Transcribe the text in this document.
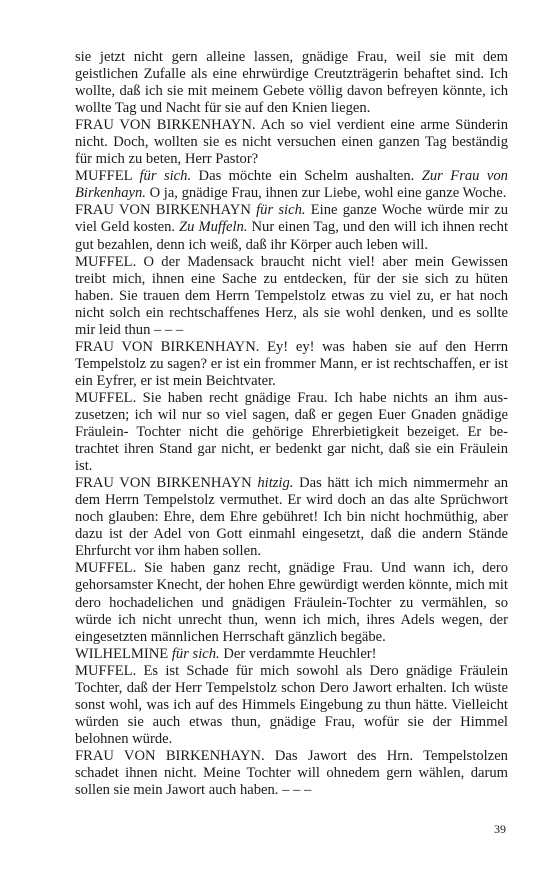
sie jetzt nicht gern alleine lassen, gnädige Frau, weil sie mit dem geistlichen Zufalle als eine ehrwürdige Creutzträgerin behaftet sind. Ich wollte, daß ich sie mit meinem Gebete völlig davon befreyen könnte, ich wollte Tag und Nacht für sie auf den Knien liegen.

FRAU VON BIRKENHAYN. Ach so viel verdient eine arme Sünderin nicht. Doch, wollten sie es nicht versuchen einen ganzen Tag beständig für mich zu beten, Herr Pastor?

MUFFEL für sich. Das möchte ein Schelm aushalten. Zur Frau von Birkenhayn. O ja, gnädige Frau, ihnen zur Liebe, wohl eine ganze Woche.

FRAU VON BIRKENHAYN für sich. Eine ganze Woche würde mir zu viel Geld kosten. Zu Muffeln. Nur einen Tag, und den will ich ihnen recht gut bezahlen, denn ich weiß, daß ihr Körper auch leben will.

MUFFEL. O der Madensack braucht nicht viel! aber mein Gewissen treibt mich, ihnen eine Sache zu entdecken, für der sie sich zu hüten haben. Sie trauen dem Herrn Tempelstolz etwas zu viel zu, er hat noch nicht solch ein rechtschaffenes Herz, als sie wohl denken, und es sollte mir leid thun – – –

FRAU VON BIRKENHAYN. Ey! ey! was haben sie auf den Herrn Tempelstolz zu sagen? er ist ein frommer Mann, er ist rechtschaffen, er ist ein Eyfrer, er ist mein Beichtvater.

MUFFEL. Sie haben recht gnädige Frau. Ich habe nichts an ihm aus-zusetzen; ich wil nur so viel sagen, daß er gegen Euer Gnaden gnädige Fräulein- Tochter nicht die gehörige Ehrerbietigkeit bezeiget. Er be-trachtet ihren Stand gar nicht, er bedenkt gar nicht, daß sie ein Fräulein ist.

FRAU VON BIRKENHAYN hitzig. Das hätt ich mich nimmermehr an dem Herrn Tempelstolz vermuthet. Er wird doch an das alte Sprüchwort noch glauben: Ehre, dem Ehre gebühret! Ich bin nicht hochmüthig, aber dazu ist der Adel von Gott einmahl eingesetzt, daß die andern Stände Ehrfurcht vor ihm haben sollen.

MUFFEL. Sie haben ganz recht, gnädige Frau. Und wann ich, dero gehorsamster Knecht, der hohen Ehre gewürdigt werden könnte, mich mit dero hochadelichen und gnädigen Fräulein-Tochter zu vermählen, so würde ich nicht unrecht thun, wenn ich mich, ihres Adels wegen, der eingesetzten männlichen Herrschaft gänzlich begäbe.

WILHELMINE für sich. Der verdammte Heuchler!

MUFFEL. Es ist Schade für mich sowohl als Dero gnädige Fräulein Tochter, daß der Herr Tempelstolz schon Dero Jawort erhalten. Ich wüste sonst wohl, was ich auf des Himmels Eingebung zu thun hätte. Vielleicht würden sie auch etwas thun, gnädige Frau, wofür sie der Himmel belohnen würde.

FRAU VON BIRKENHAYN. Das Jawort des Hrn. Tempelstolzen schadet ihnen nicht. Meine Tochter will ohnedem gern wählen, darum sollen sie mein Jawort auch haben. – – –

39
